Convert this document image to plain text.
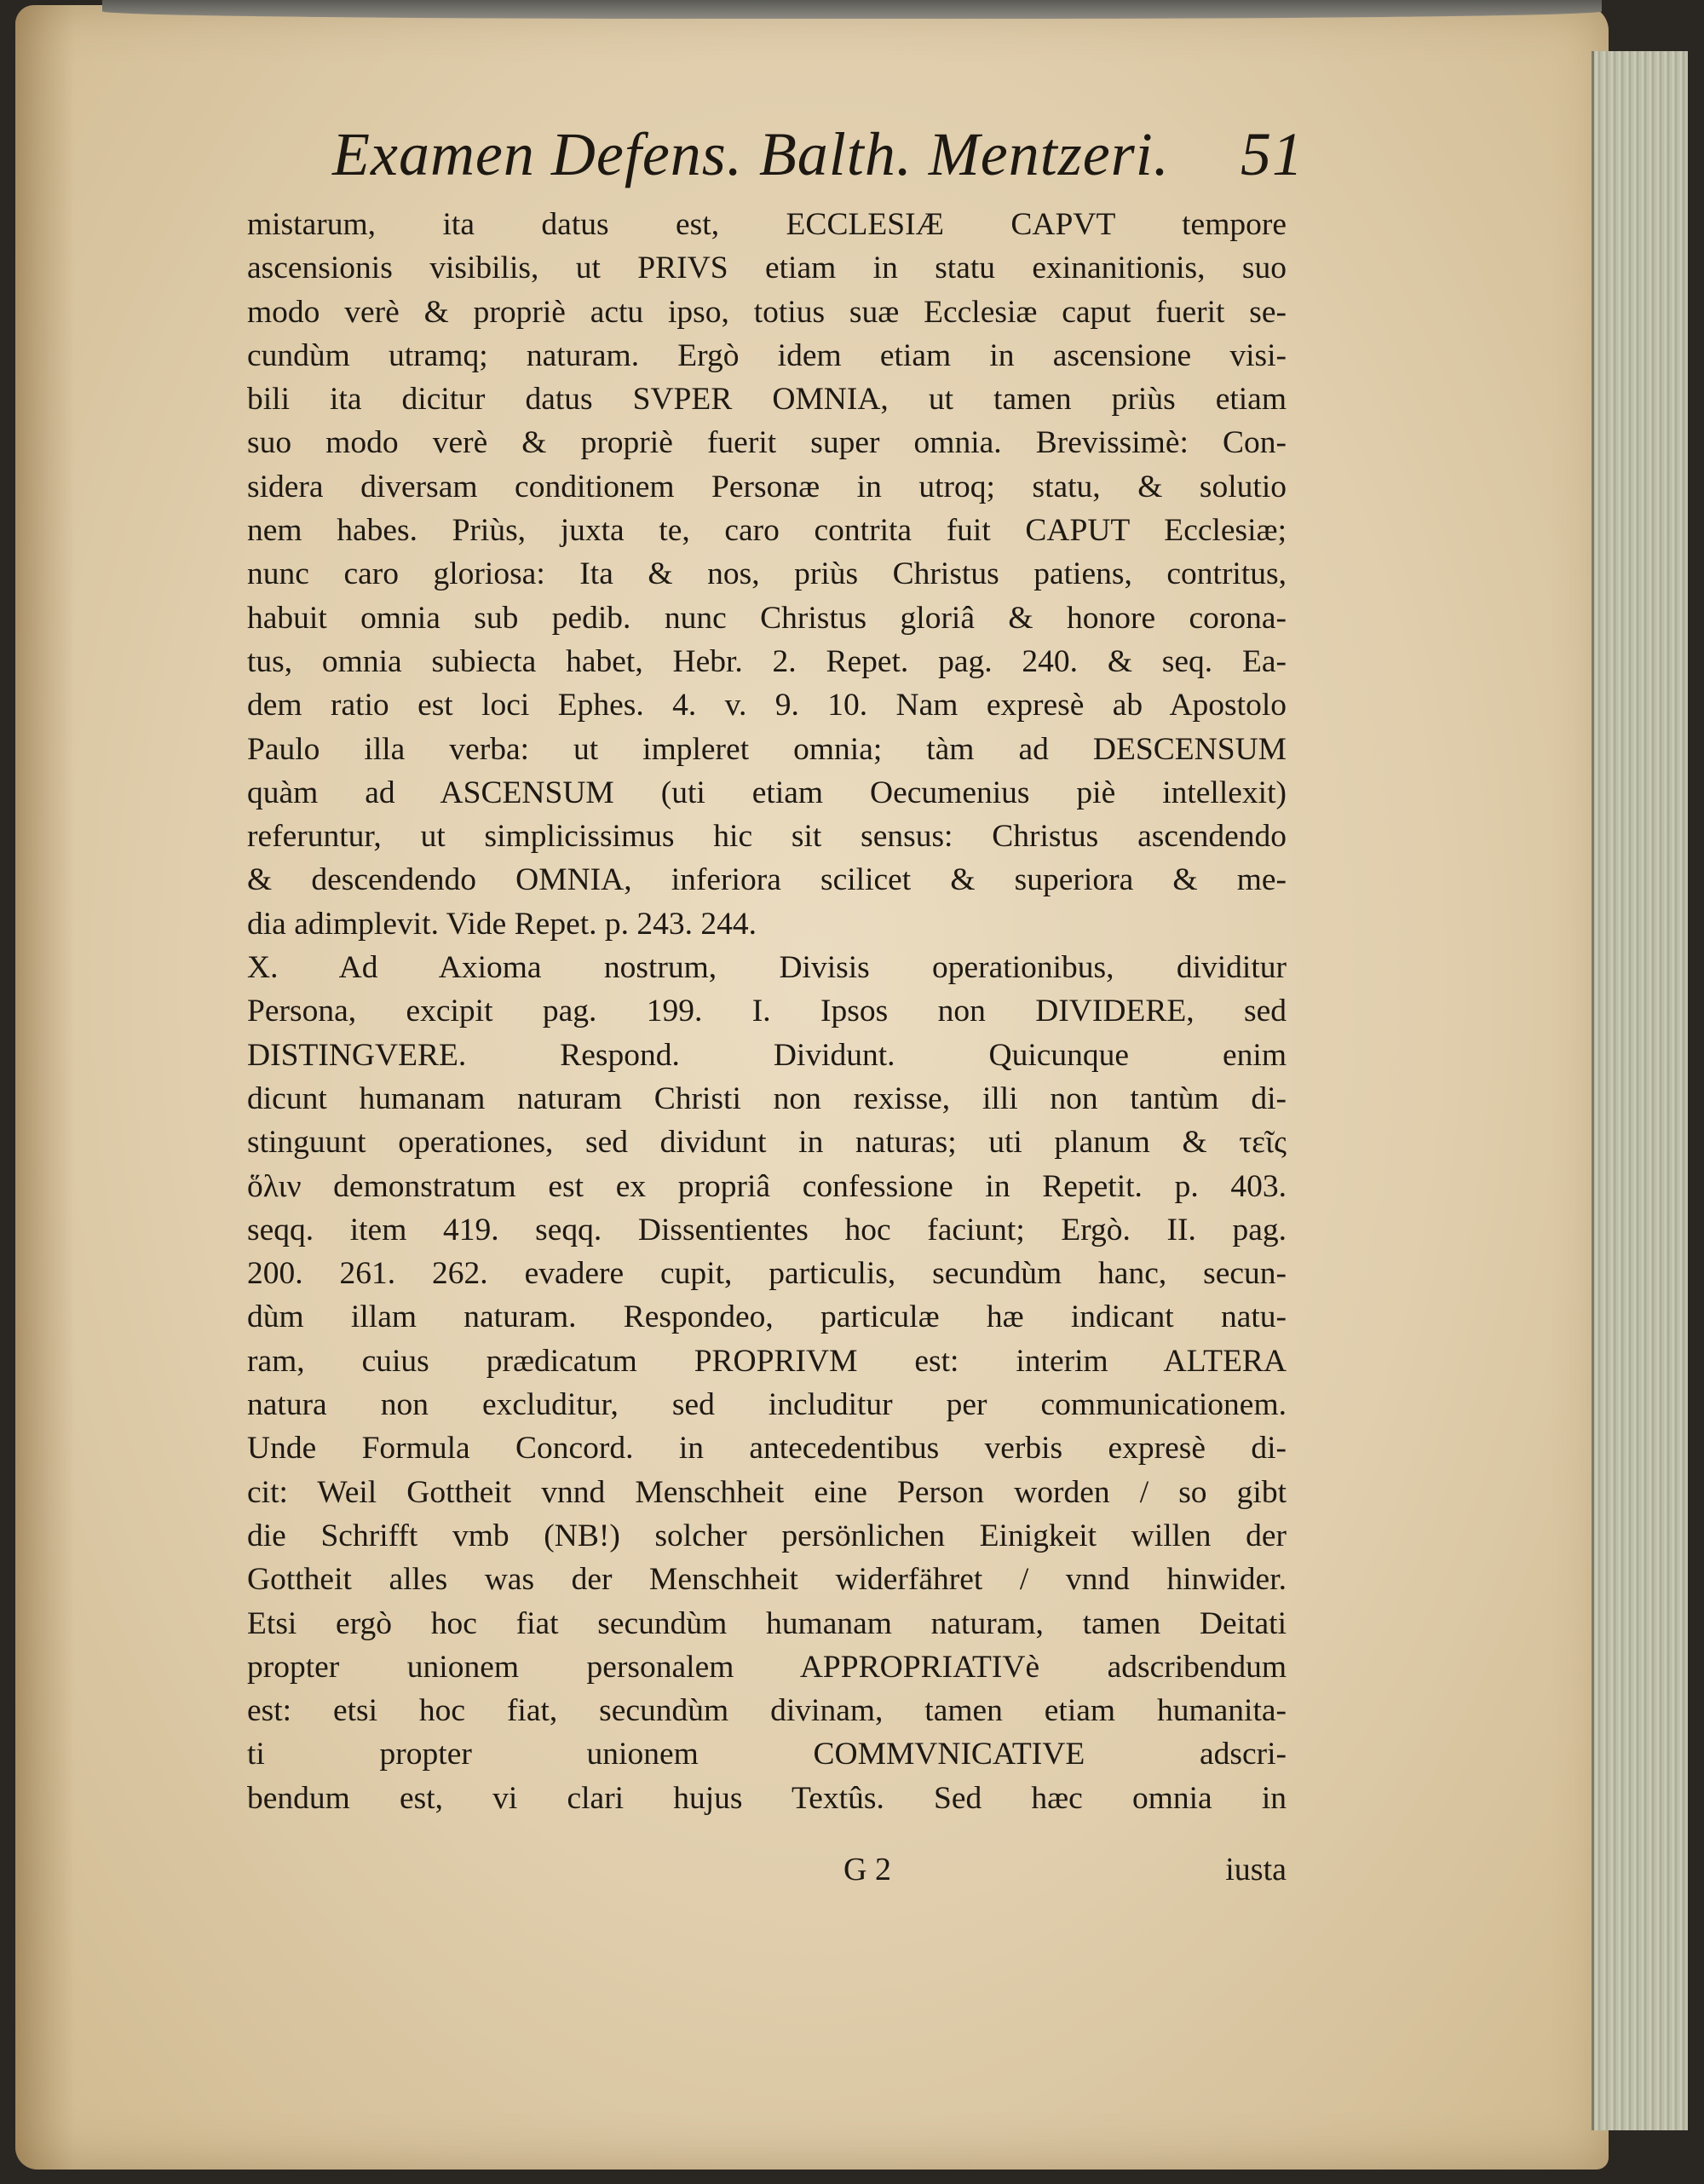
Examen Defens. Balth. Mentzeri. 51
mistarum, ita datus est, ECCLESIÆ CAPVT tempore
ascensionis visibilis, ut PRIVS etiam in statu exinanitionis, suo
modo verè & propriè actu ipso, totius suæ Ecclesiæ caput fuerit se-
cundùm utramq; naturam. Ergò idem etiam in ascensione visi-
bili ita dicitur datus SVPER OMNIA, ut tamen priùs etiam
suo modo verè & propriè fuerit super omnia. Brevissimè: Con-
sidera diversam conditionem Personæ in utroq; statu, & solutio
nem habes. Priùs, juxta te, caro contrita fuit CAPUT Ecclesiæ;
nunc caro gloriosa: Ita & nos, priùs Christus patiens, contritus,
habuit omnia sub pedib. nunc Christus gloriâ & honore corona-
tus, omnia subiecta habet, Hebr. 2. Repet. pag. 240. & seq. Ea-
dem ratio est loci Ephes. 4. v. 9. 10. Nam expresè ab Apostolo
Paulo illa verba: ut impleret omnia; tàm ad DESCENSUM
quàm ad ASCENSUM (uti etiam Oecumenius piè intellexit)
referuntur, ut simplicissimus hic sit sensus: Christus ascendendo
& descendendo OMNIA, inferiora scilicet & superiora & me-
dia adimplevit. Vide Repet. p. 243. 244.
X. Ad Axioma nostrum, Divisis operationibus, dividitur
Persona, excipit pag. 199. I. Ipsos non DIVIDERE, sed
DISTINGVERE. Respond. Dividunt. Quicunque enim
dicunt humanam naturam Christi non rexisse, illi non tantùm di-
stinguunt operationes, sed dividunt in naturas; uti planum & τεῖς
ὅλιν demonstratum est ex propriâ confessione in Repetit. p. 403.
seqq. item 419. seqq. Dissentientes hoc faciunt; Ergò. II. pag.
200. 261. 262. evadere cupit, particulis, secundùm hanc, secun-
dùm illam naturam. Respondeo, particulæ hæ indicant natu-
ram, cuius prædicatum PROPRIVM est: interim ALTERA
natura non excluditur, sed includitur per communicationem.
Unde Formula Concord. in antecedentibus verbis expresè di-
cit: Weil Gottheit vnnd Menschheit eine Person worden / so gibt
die Schrifft vmb (NB!) solcher persönlichen Einigkeit willen der
Gottheit alles was der Menschheit widerfähret / vnnd hinwider.
Etsi ergò hoc fiat secundùm humanam naturam, tamen Deitati
propter unionem personalem APPROPRIATIVè adscribendum
est: etsi hoc fiat, secundùm divinam, tamen etiam humanita-
ti propter unionem COMMVNICATIVE adscri-
bendum est, vi clari hujus Textûs. Sed hæc omnia in
G 2	iusta
